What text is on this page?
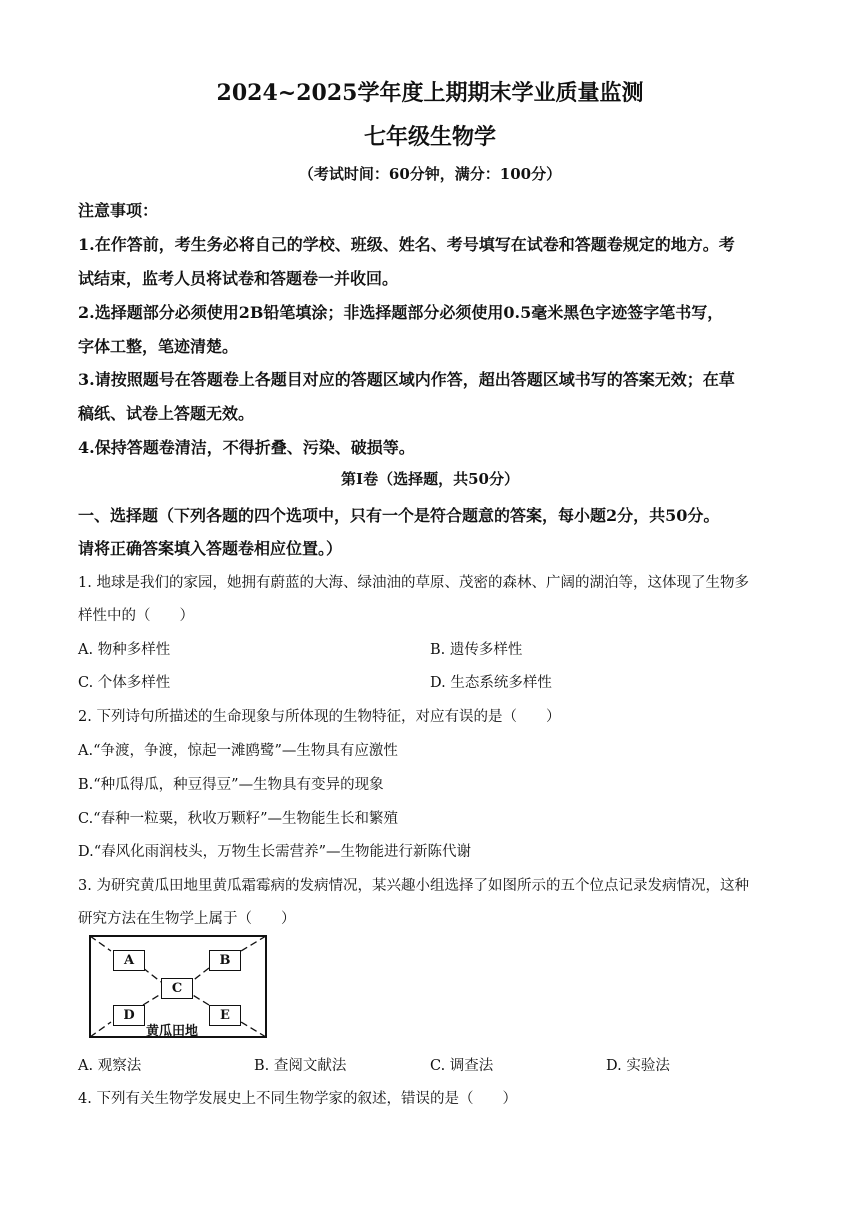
2024~2025学年度上期期末学业质量监测
七年级生物学
（考试时间：60分钟，满分：100分）
注意事项：
1.在作答前，考生务必将自己的学校、班级、姓名、考号填写在试卷和答题卷规定的地方。考
试结束，监考人员将试卷和答题卷一并收回。
2.选择题部分必须使用2B铅笔填涂；非选择题部分必须使用0.5毫米黑色字迹签字笔书写，
字体工整，笔迹清楚。
3.请按照题号在答题卷上各题目对应的答题区域内作答，超出答题区域书写的答案无效；在草
稿纸、试卷上答题无效。
4.保持答题卷清洁，不得折叠、污染、破损等。
第Ⅰ卷（选择题，共50分）
一、选择题（下列各题的四个选项中，只有一个是符合题意的答案，每小题2分，共50分。
请将正确答案填入答题卷相应位置。）
1. 地球是我们的家园，她拥有蔚蓝的大海、绿油油的草原、茂密的森林、广阔的湖泊等，这体现了生物多
样性中的（　　）
A. 物种多样性	B. 遗传多样性
C. 个体多样性	D. 生态系统多样性
2. 下列诗句所描述的生命现象与所体现的生物特征，对应有误的是（　　）
A.“争渡，争渡，惊起一滩鸥鹭”—生物具有应激性
B.“种瓜得瓜，种豆得豆”—生物具有变异的现象
C.“春种一粒粟，秋收万颗籽”—生物能生长和繁殖
D.“春风化雨润枝头，万物生长需营养”—生物能进行新陈代谢
3. 为研究黄瓜田地里黄瓜霜霉病的发病情况，某兴趣小组选择了如图所示的五个位点记录发病情况，这种
研究方法在生物学上属于（　　）
A	B
C
D	E
黄瓜田地
A. 观察法	B. 查阅文献法	C. 调查法	D. 实验法
4. 下列有关生物学发展史上不同生物学家的叙述，错误的是（　　）
